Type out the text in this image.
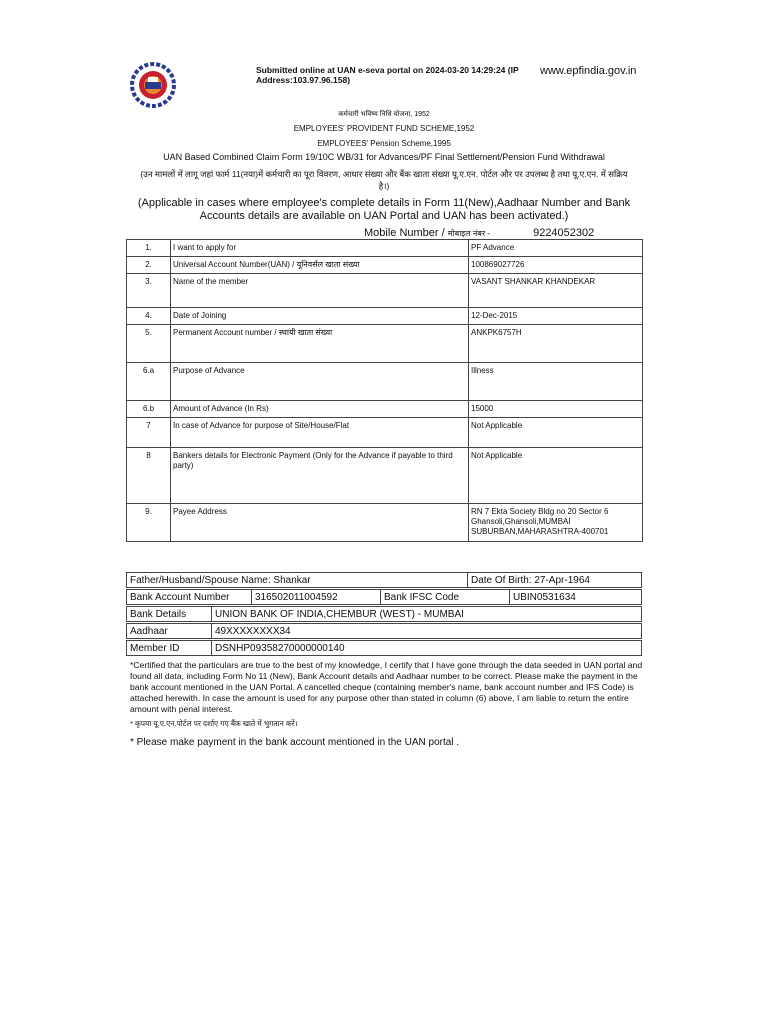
Submitted online at UAN e-seva portal on 2024-03-20 14:29:24 (IP Address:103.97.96.158)
www.epfindia.gov.in
कर्मचारी भविष्य निधि योजना, 1952
EMPLOYEES' PROVIDENT FUND SCHEME,1952
EMPLOYEES' Pension Scheme,1995
UAN Based Combined Claim Form 19/10C WB/31 for Advances/PF Final Settlement/Pension Fund Withdrawal
(उन मामलों में लागू जहां फार्म 11(नया)में कर्मचारी का पूरा विवरण, आधार संख्या और बैंक खाता संख्या यू.ए.एन. पोर्टल और पर उपलब्ध है तथा यू.ए.एन. में सक्रिय है।)
(Applicable in cases where employee's complete details in Form 11(New),Aadhaar Number and Bank Accounts details are available on UAN Portal and UAN has been activated.)
Mobile Number / मोबाइल नंबर -	9224052302
1.	I want to apply for	PF Advance
2.	Universal Account Number(UAN) / यूनिवर्सल खाता संख्या	100869027726
3.	Name of the member	VASANT SHANKAR KHANDEKAR
4.	Date of Joining	12-Dec-2015
5.	Permanent Account number / स्थायी खाता संख्या	ANKPK6757H
6.a	Purpose of Advance	Illness
6.b	Amount of Advance (In Rs)	15000
7	In case of Advance for purpose of Site/House/Flat	Not Applicable
8	Bankers details for Electronic Payment (Only for the Advance if payable to third party)	Not Applicable
9.	Payee Address	RN 7 Ekta Society Bldg no 20 Sector 6 Ghansoli,Ghansoli,MUMBAI SUBURBAN,MAHARASHTRA-400701
Father/Husband/Spouse Name: Shankar	Date Of Birth: 27-Apr-1964
Bank Account Number	316502011004592	Bank IFSC Code	UBIN0531634
Bank Details	UNION BANK OF INDIA,CHEMBUR (WEST) - MUMBAI
Aadhaar	49XXXXXXXX34
Member ID	DSNHP09358270000000140
*Certified that the particulars are true to the best of my knowledge, I certify that I have gone through the data seeded in UAN portal and found all data, including Form No 11 (New), Bank Account details and Aadhaar number to be correct. Please make the payment in the bank account mentioned in the UAN Portal. A cancelled cheque (containing member's name, bank account number and IFS Code) is attached herewith. In case the amount is used for any purpose other than stated in column (6) above, I am liable to return the entire amount with penal interest.
* कृपया यू.ए.एन.पोर्टल पर दर्शाए गए बैंक खाते में भुगतान करें।
* Please make payment in the bank account mentioned in the UAN portal .
